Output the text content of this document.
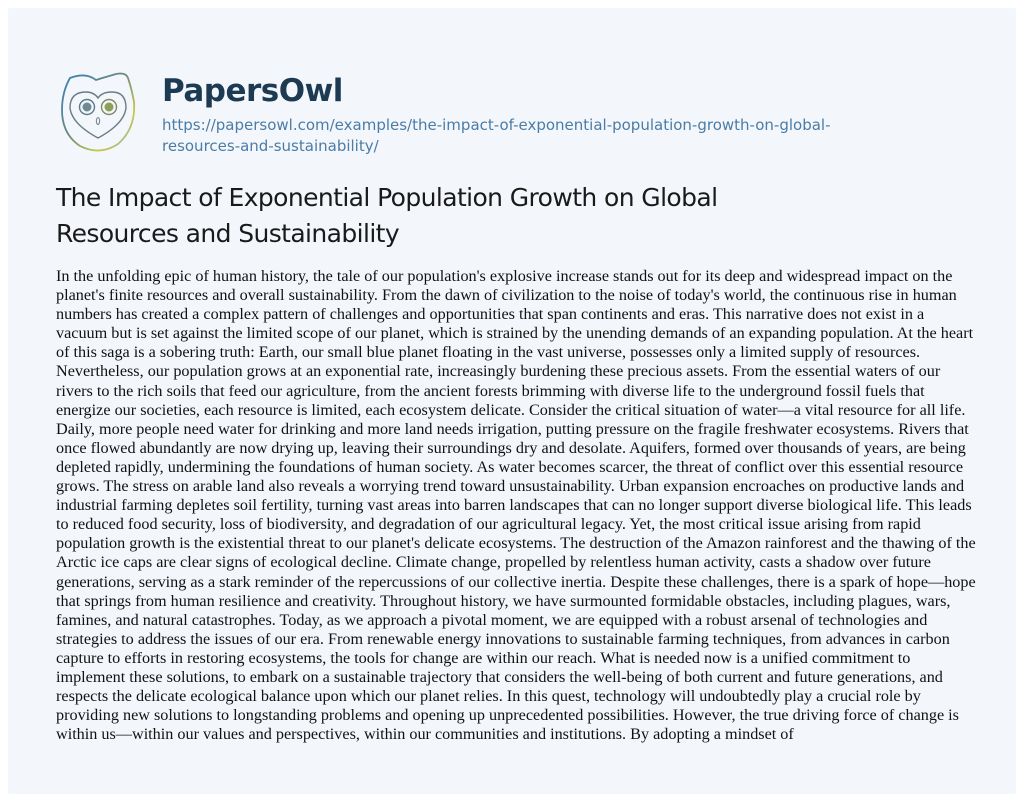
PapersOwl
https://papersowl.com/examples/the-impact-of-exponential-population-growth-on-global-
resources-and-sustainability/
The Impact of Exponential Population Growth on Global Resources and Sustainability

In the unfolding epic of human history, the tale of our population's explosive increase stands out for its deep and widespread impact on the planet's finite resources and overall sustainability. From the dawn of civilization to the noise of today's world, the continuous rise in human numbers has created a complex pattern of challenges and opportunities that span continents and eras. This narrative does not exist in a vacuum but is set against the limited scope of our planet, which is strained by the unending demands of an expanding population. At the heart of this saga is a sobering truth: Earth, our small blue planet floating in the vast universe, possesses only a limited supply of resources. Nevertheless, our population grows at an exponential rate, increasingly burdening these precious assets. From the essential waters of our rivers to the rich soils that feed our agriculture, from the ancient forests brimming with diverse life to the underground fossil fuels that energize our societies, each resource is limited, each ecosystem delicate. Consider the critical situation of water—a vital resource for all life. Daily, more people need water for drinking and more land needs irrigation, putting pressure on the fragile freshwater ecosystems. Rivers that once flowed abundantly are now drying up, leaving their surroundings dry and desolate. Aquifers, formed over thousands of years, are being depleted rapidly, undermining the foundations of human society. As water becomes scarcer, the threat of conflict over this essential resource grows. The stress on arable land also reveals a worrying trend toward unsustainability. Urban expansion encroaches on productive lands and industrial farming depletes soil fertility, turning vast areas into barren landscapes that can no longer support diverse biological life. This leads to reduced food security, loss of biodiversity, and degradation of our agricultural legacy. Yet, the most critical issue arising from rapid population growth is the existential threat to our planet's delicate ecosystems. The destruction of the Amazon rainforest and the thawing of the Arctic ice caps are clear signs of ecological decline. Climate change, propelled by relentless human activity, casts a shadow over future generations, serving as a stark reminder of the repercussions of our collective inertia. Despite these challenges, there is a spark of hope—hope that springs from human resilience and creativity. Throughout history, we have surmounted formidable obstacles, including plagues, wars, famines, and natural catastrophes. Today, as we approach a pivotal moment, we are equipped with a robust arsenal of technologies and strategies to address the issues of our era. From renewable energy innovations to sustainable farming techniques, from advances in carbon capture to efforts in restoring ecosystems, the tools for change are within our reach. What is needed now is a unified commitment to implement these solutions, to embark on a sustainable trajectory that considers the well-being of both current and future generations, and respects the delicate ecological balance upon which our planet relies. In this quest, technology will undoubtedly play a crucial role by providing new solutions to longstanding problems and opening up unprecedented possibilities. However, the true driving force of change is within us—within our values and perspectives, within our communities and institutions. By adopting a mindset of
